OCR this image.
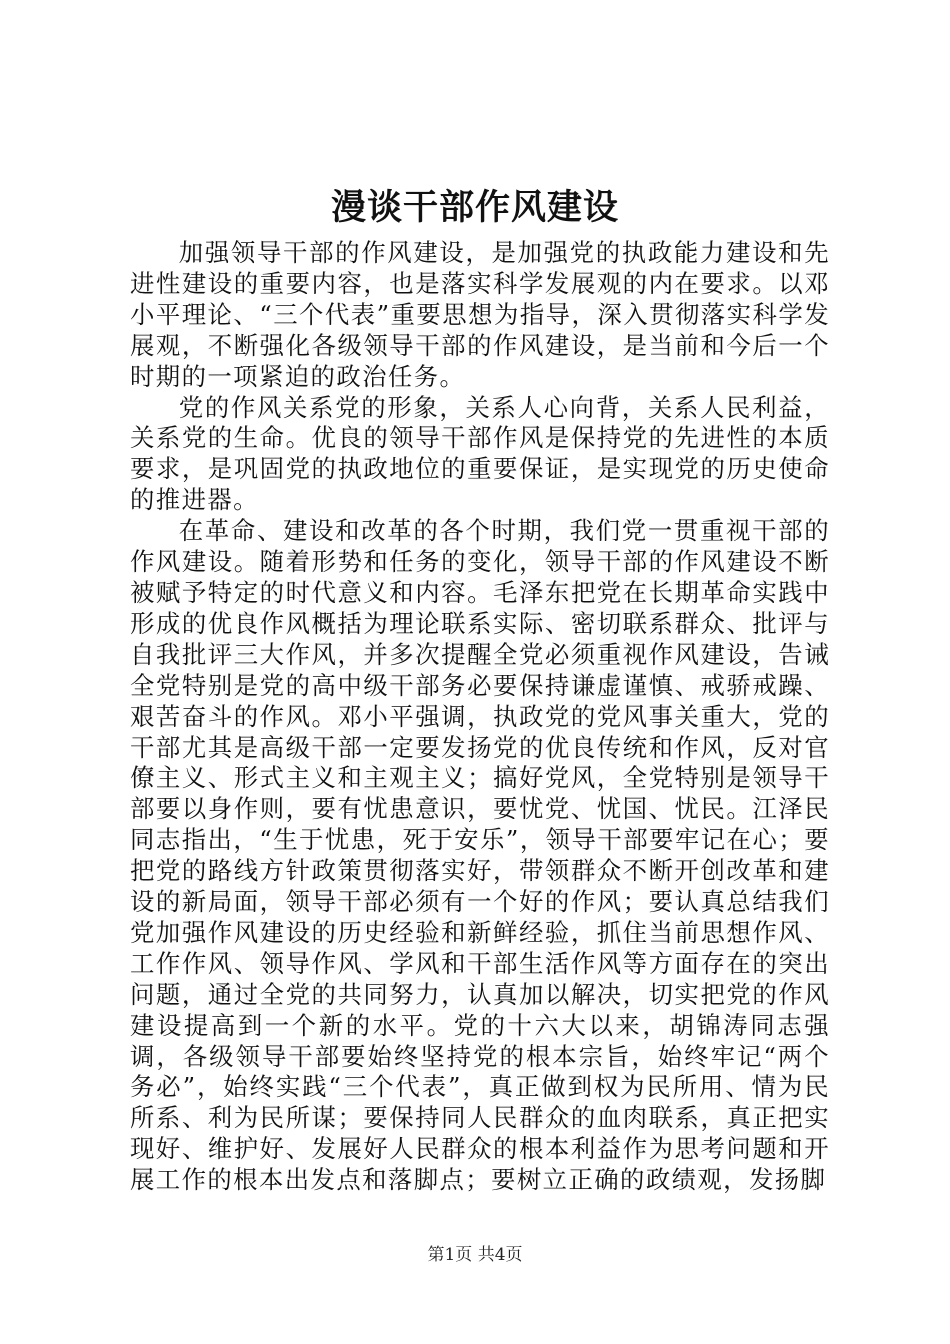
漫谈干部作风建设

加强领导干部的作风建设，是加强党的执政能力建设和先进性建设的重要内容，也是落实科学发展观的内在要求。以邓小平理论、“三个代表”重要思想为指导，深入贯彻落实科学发展观，不断强化各级领导干部的作风建设，是当前和今后一个时期的一项紧迫的政治任务。

党的作风关系党的形象，关系人心向背，关系人民利益，关系党的生命。优良的领导干部作风是保持党的先进性的本质要求，是巩固党的执政地位的重要保证，是实现党的历史使命的推进器。

在革命、建设和改革的各个时期，我们党一贯重视干部的作风建设。随着形势和任务的变化，领导干部的作风建设不断被赋予特定的时代意义和内容。毛泽东把党在长期革命实践中形成的优良作风概括为理论联系实际、密切联系群众、批评与自我批评三大作风，并多次提醒全党必须重视作风建设，告诫全党特别是党的高中级干部务必要保持谦虚谨慎、戒骄戒躁、艰苦奋斗的作风。邓小平强调，执政党的党风事关重大，党的干部尤其是高级干部一定要发扬党的优良传统和作风，反对官僚主义、形式主义和主观主义；搞好党风，全党特别是领导干部要以身作则，要有忧患意识，要忧党、忧国、忧民。江泽民同志指出，“生于忧患，死于安乐”，领导干部要牢记在心；要把党的路线方针政策贯彻落实好，带领群众不断开创改革和建设的新局面，领导干部必须有一个好的作风；要认真总结我们党加强作风建设的历史经验和新鲜经验，抓住当前思想作风、工作作风、领导作风、学风和干部生活作风等方面存在的突出问题，通过全党的共同努力，认真加以解决，切实把党的作风建设提高到一个新的水平。党的十六大以来，胡锦涛同志强调，各级领导干部要始终坚持党的根本宗旨，始终牢记“两个务必”，始终实践“三个代表”，真正做到权为民所用、情为民所系、利为民所谋；要保持同人民群众的血肉联系，真正把实现好、维护好、发展好人民群众的根本利益作为思考问题和开展工作的根本出发点和落脚点；要树立正确的政绩观，发扬脚

第1页 共4页
